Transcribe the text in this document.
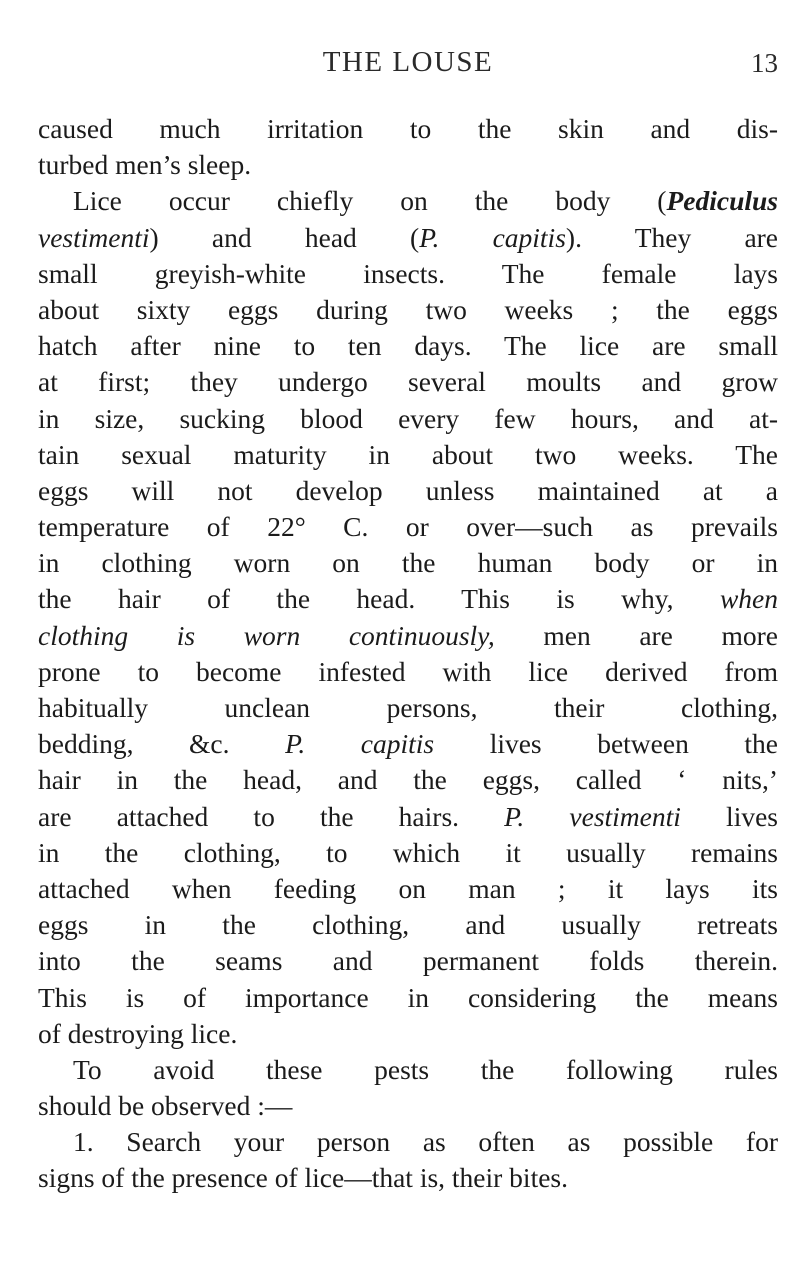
THE LOUSE	13
caused much irritation to the skin and dis-
turbed men’s sleep.
Lice occur chiefly on the body (Pediculus
vestimenti) and head (P. capitis). They are
small greyish-white insects. The female lays
about sixty eggs during two weeks ; the eggs
hatch after nine to ten days. The lice are small
at first; they undergo several moults and grow
in size, sucking blood every few hours, and at-
tain sexual maturity in about two weeks. The
eggs will not develop unless maintained at a
temperature of 22° C. or over—such as prevails
in clothing worn on the human body or in
the hair of the head. This is why, when
clothing is worn continuously, men are more
prone to become infested with lice derived from
habitually unclean persons, their clothing,
bedding, &c. P. capitis lives between the
hair in the head, and the eggs, called ‘ nits,’
are attached to the hairs. P. vestimenti lives
in the clothing, to which it usually remains
attached when feeding on man ; it lays its
eggs in the clothing, and usually retreats
into the seams and permanent folds therein.
This is of importance in considering the means
of destroying lice.
To avoid these pests the following rules
should be observed :—
1. Search your person as often as possible for
signs of the presence of lice—that is, their bites.
